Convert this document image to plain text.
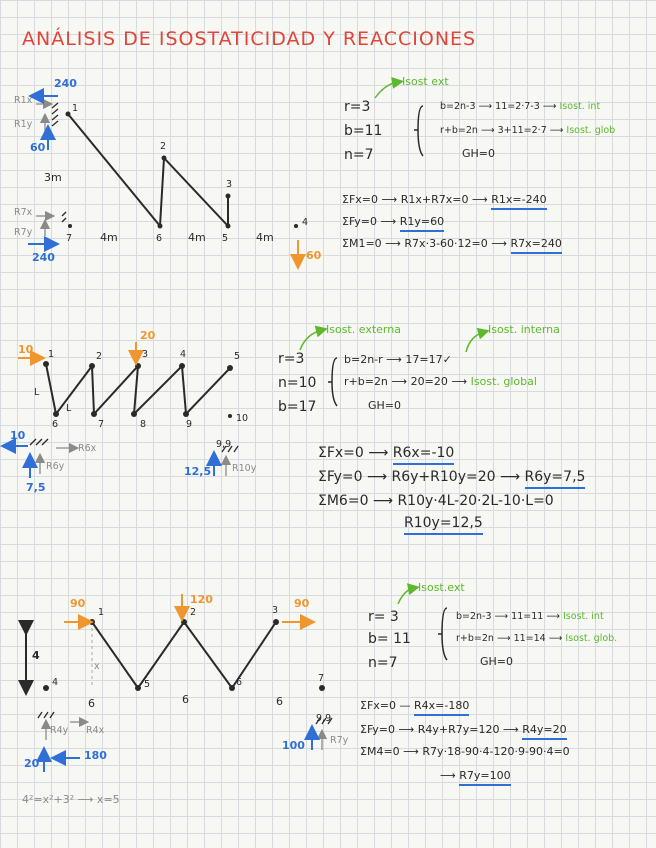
ANÁLISIS DE ISOSTATICIDAD Y REACCIONES
R1x
R1y
240
60
3m
R7x
R7y
240
4m	4m	4m
60
1
2
3
4
5
6
7
Isost ext
r=3
b=11
n=7
b=2n-3 ⟶ 11=2·7-3 ⟶ Isost. int
r+b=2n ⟶ 3+11=2·7 ⟶ Isost. glob
GH=0
ΣFx=0 ⟶ R1x+R7x=0 ⟶ R1x=-240
ΣFy=0 ⟶ R1y=60
ΣM1=0 ⟶ R7x·3-60·12=0 ⟶ R7x=240
10
20
1	2	3	4	5
6	7	8	9
10
L
L
10
R6x
R6y
7,5
9,9
R10y
12,5
Isost. externa	Isost. interna
r=3
n=10
b=17
b=2n-r ⟶ 17=17✓
r+b=2n ⟶ 20=20 ⟶ Isost. global
GH=0
ΣFx=0 ⟶ R6x=-10
ΣFy=0 ⟶ R6y+R10y=20 ⟶ R6y=7,5
ΣM6=0 ⟶ R10y·4L-20·2L-10·L=0
R10y=12,5
90	120	90
1	2	3
4	5	6	7
x
4
6	6	6
R4y R4x
20
180
9,9
100	R7y
4²=x²+3² ⟶ x=5
Isost.ext
r= 3
b= 11
n=7
b=2n-3 ⟶ 11=11 ⟶ Isost. int
r+b=2n ⟶ 11=14 ⟶ Isost. glob.
GH=0
ΣFx=0 — R4x=-180
ΣFy=0 ⟶ R4y+R7y=120 ⟶ R4y=20
ΣM4=0 ⟶ R7y·18-90·4-120·9-90·4=0
⟶ R7y=100
